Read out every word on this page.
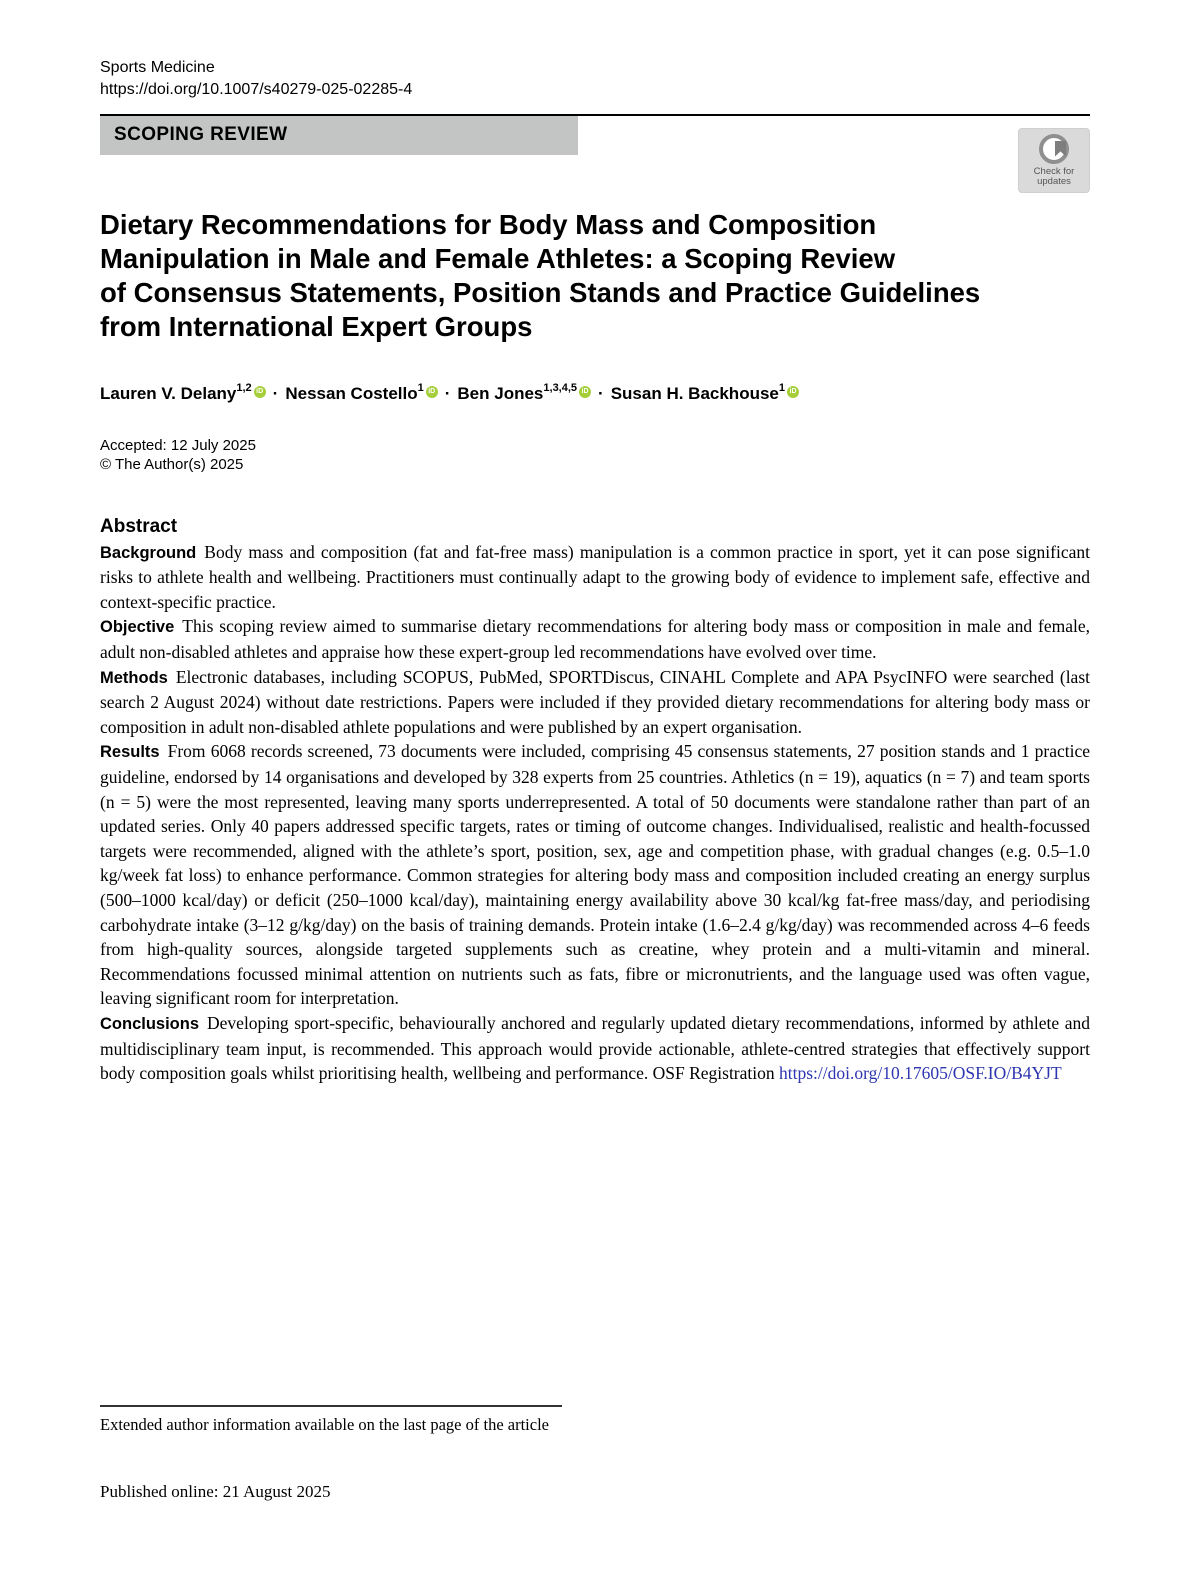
Sports Medicine
https://doi.org/10.1007/s40279-025-02285-4
SCOPING REVIEW
Check for
updates
Dietary Recommendations for Body Mass and Composition
Manipulation in Male and Female Athletes: a Scoping Review
of Consensus Statements, Position Stands and Practice Guidelines
from International Expert Groups
Lauren V. Delany$^{1,2}$ iD · Nessan Costello$^1$ iD · Ben Jones$^{1,3,4,5}$ iD · Susan H. Backhouse$^1$ iD
Accepted: 12 July 2025
© The Author(s) 2025
Abstract

Background Body mass and composition (fat and fat-free mass) manipulation is a common practice in sport, yet it can pose significant risks to athlete health and wellbeing. Practitioners must continually adapt to the growing body of evidence to implement safe, effective and context-specific practice.

Objective This scoping review aimed to summarise dietary recommendations for altering body mass or composition in male and female, adult non-disabled athletes and appraise how these expert-group led recommendations have evolved over time.

Methods Electronic databases, including SCOPUS, PubMed, SPORTDiscus, CINAHL Complete and APA PsycINFO were searched (last search 2 August 2024) without date restrictions. Papers were included if they provided dietary recommendations for altering body mass or composition in adult non-disabled athlete populations and were published by an expert organisation.

Results From 6068 records screened, 73 documents were included, comprising 45 consensus statements, 27 position stands and 1 practice guideline, endorsed by 14 organisations and developed by 328 experts from 25 countries. Athletics (n = 19), aquatics (n = 7) and team sports (n = 5) were the most represented, leaving many sports underrepresented. A total of 50 documents were standalone rather than part of an updated series. Only 40 papers addressed specific targets, rates or timing of outcome changes. Individualised, realistic and health-focussed targets were recommended, aligned with the athlete’s sport, position, sex, age and competition phase, with gradual changes (e.g. 0.5–1.0 kg/week fat loss) to enhance performance. Common strategies for altering body mass and composition included creating an energy surplus (500–1000 kcal/day) or deficit (250–1000 kcal/day), maintaining energy availability above 30 kcal/kg fat-free mass/day, and periodising carbohydrate intake (3–12 g/kg/day) on the basis of training demands. Protein intake (1.6–2.4 g/kg/day) was recommended across 4–6 feeds from high-quality sources, alongside targeted supplements such as creatine, whey protein and a multi-vitamin and mineral. Recommendations focussed minimal attention on nutrients such as fats, fibre or micronutrients, and the language used was often vague, leaving significant room for interpretation.

Conclusions Developing sport-specific, behaviourally anchored and regularly updated dietary recommendations, informed by athlete and multidisciplinary team input, is recommended. This approach would provide actionable, athlete-centred strategies that effectively support body composition goals whilst prioritising health, wellbeing and performance. OSF Registration https://doi.org/10.17605/OSF.IO/B4YJT

Extended author information available on the last page of the article
Published online: 21 August 2025
